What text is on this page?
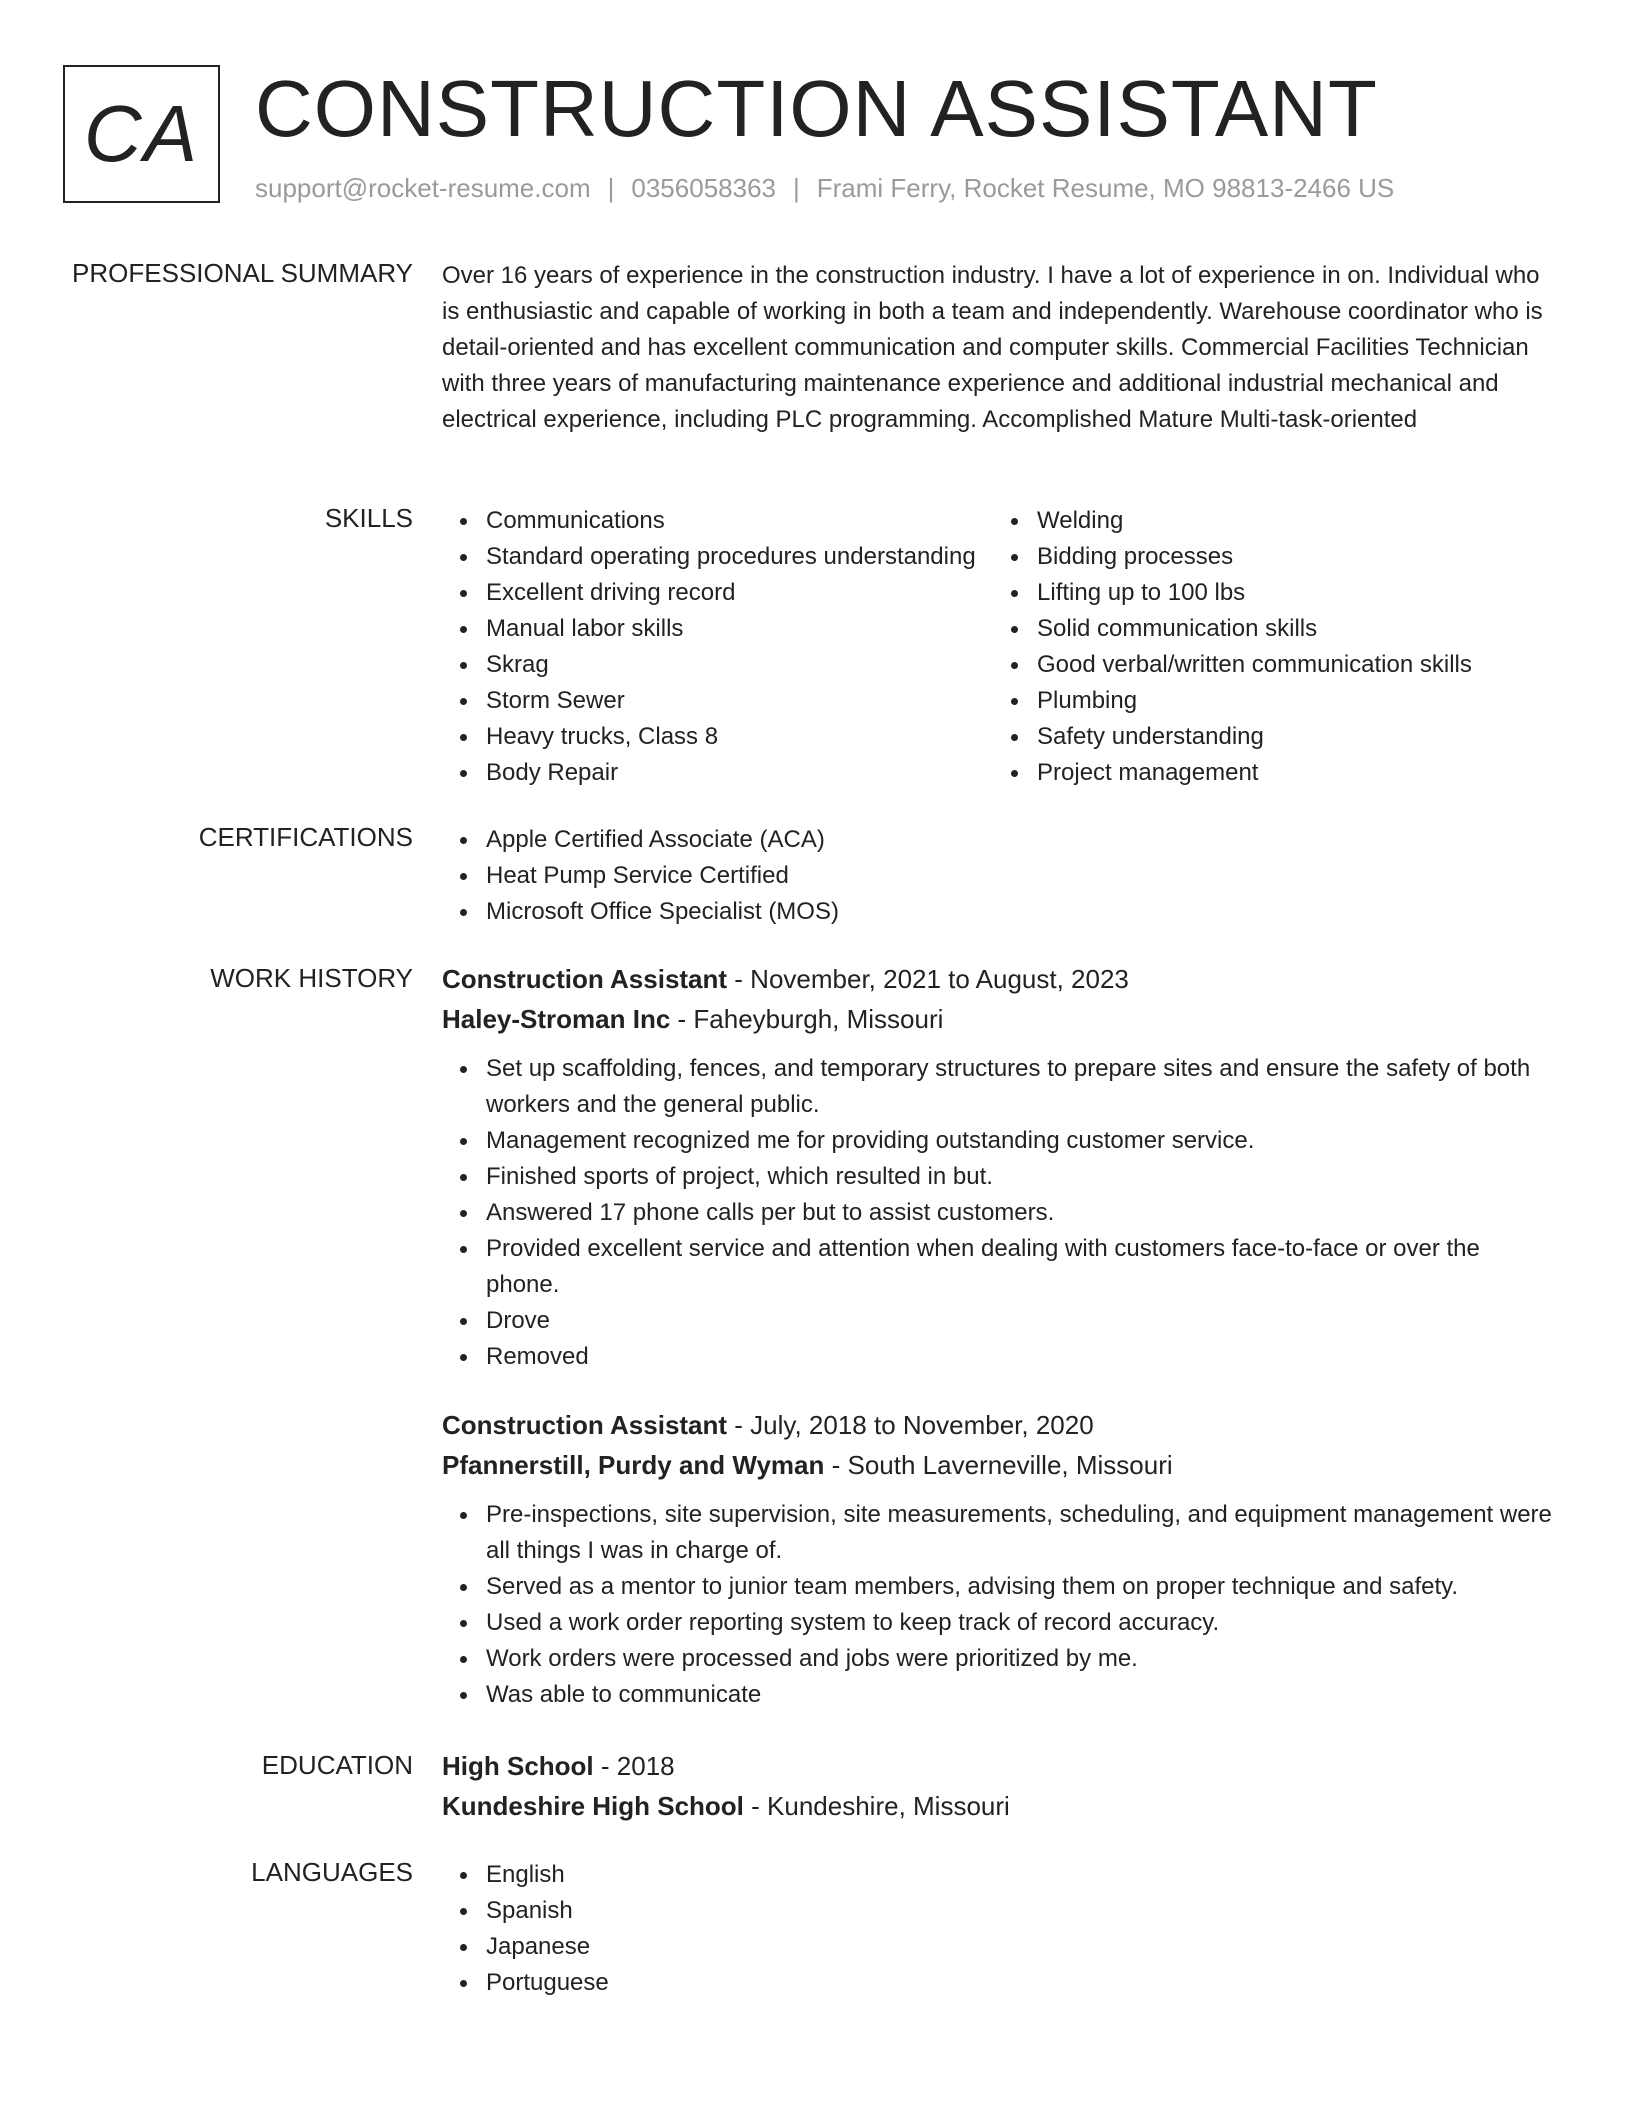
CA CONSTRUCTION ASSISTANT
support@rocket-resume.com | 0356058363 | Frami Ferry, Rocket Resume, MO 98813-2466 US
PROFESSIONAL SUMMARY Over 16 years of experience in the construction industry. I have a lot of experience in on. Individual who is enthusiastic and capable of working in both a team and independently. Warehouse coordinator who is detail-oriented and has excellent communication and computer skills. Commercial Facilities Technician with three years of manufacturing maintenance experience and additional industrial mechanical and electrical experience, including PLC programming. Accomplished Mature Multi-task-oriented
SKILLS	Communications
Standard operating procedures understanding
Excellent driving record
Manual labor skills
Skrag
Storm Sewer
Heavy trucks, Class 8
Body Repair
Welding
Bidding processes
Lifting up to 100 lbs
Solid communication skills
Good verbal/written communication skills
Plumbing
Safety understanding
Project management
CERTIFICATIONS	Apple Certified Associate (ACA)
Heat Pump Service Certified
Microsoft Office Specialist (MOS)
WORK HISTORY Construction Assistant - November, 2021 to August, 2023
Haley-Stroman Inc - Faheyburgh, Missouri
Set up scaffolding, fences, and temporary structures to prepare sites and ensure the safety of both workers and the general public.
Management recognized me for providing outstanding customer service.
Finished sports of project, which resulted in but.
Answered 17 phone calls per but to assist customers.
Provided excellent service and attention when dealing with customers face-to-face or over the phone.
Drove
Removed
Construction Assistant - July, 2018 to November, 2020
Pfannerstill, Purdy and Wyman - South Laverneville, Missouri
Pre-inspections, site supervision, site measurements, scheduling, and equipment management were all things I was in charge of.
Served as a mentor to junior team members, advising them on proper technique and safety.
Used a work order reporting system to keep track of record accuracy.
Work orders were processed and jobs were prioritized by me.
Was able to communicate
EDUCATION High School - 2018
Kundeshire High School - Kundeshire, Missouri
LANGUAGES	English
Spanish
Japanese
Portuguese
